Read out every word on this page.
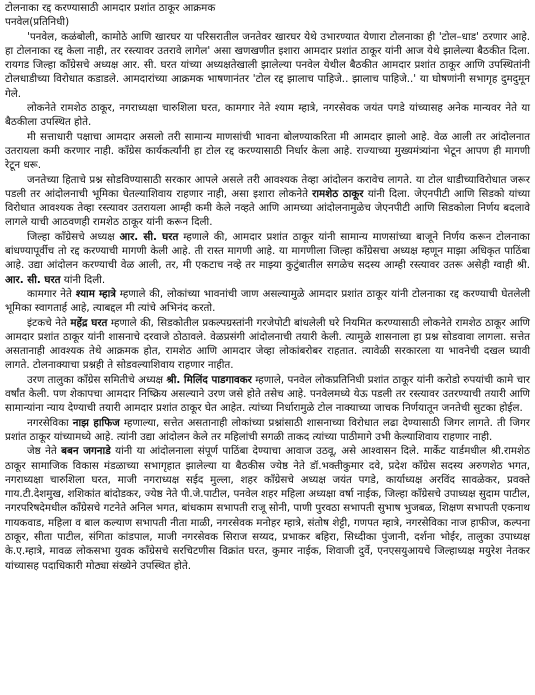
टोलनाका रद्द करण्यासाठी आमदार प्रशांत ठाकूर आक्रमक

पनवेल(प्रतिनिधी)

'पनवेल, कळंबोली, कामोठे आणि खारघर या परिसरातील जनतेवर खारघर येथे उभारण्यात येणारा टोलनाका ही 'टोल–धाड' ठरणार आहे. हा टोलनाका रद्द केला नाही, तर रस्त्यावर उतरावे लागेल' असा खणखणीत इशारा आमदार प्रशांत ठाकूर यांनी आज येथे झालेल्या बैठकीत दिला. रायगड जिल्हा काँग्रेसचे अध्यक्ष आर. सी. घरत यांच्या अध्यक्षतेखाली झालेल्या पनवेल येथील बैठकीत आमदार प्रशांत ठाकूर आणि उपस्थितांनी टोलधाडीच्या विरोधात कडाडले. आमदारांच्या आक्रमक भाषणानंतर 'टोल रद्द झालाच पाहिजे.. झालाच पाहिजे..' या घोषणांनी सभागृह दुमदुमून गेले.

लोकनेते रामशेठ ठाकूर, नगराध्यक्षा चारुशिला घरत, कामगार नेते श्याम म्हात्रे, नगरसेवक जयंत पगडे यांच्यासह अनेक मान्यवर नेते या बैठकीला उपस्थित होते.

मी सत्ताधारी पक्षाचा आमदार असलो तरी सामान्य माणसांची भावना बोलण्याकरिता मी आमदार झालो आहे. वेळ आली तर आंदोलनात उतरायला कमी करणार नाही. काँग्रेस कार्यकर्त्यांनी हा टोल रद्द करण्यासाठी निर्धार केला आहे. राज्याच्या मुख्यमंत्र्यांना भेटून आपण ही मागणी रेटून धरू.

जनतेच्या हिताचे प्रश्न सोडविण्यासाठी सरकार आपले असले तरी आवश्यक तेव्हा आंदोलन करावेच लागते. या टोल धाडीच्याविरोधात जरूर पडली तर आंदोलनाची भूमिका घेतल्याशिवाय राहणार नाही, असा इशारा लोकनेते रामशेठ ठाकूर यांनी दिला. जेएनपीटी आणि सिडको यांच्या विरोधात आवश्यक तेव्हा रस्त्यावर उतरायला आम्ही कमी केले नव्हते आणि आमच्या आंदोलनामुळेच जेएनपीटी आणि सिडकोला निर्णय बदलावे लागले याची आठवणही रामशेठ ठाकूर यांनी करून दिली.

जिल्हा काँग्रेसचे अध्यक्ष आर. सी. घरत म्हणाले की, आमदार प्रशांत ठाकूर यांनी सामान्य माणसांच्या बाजूने निर्णय करून टोलनाका बांधण्यापूर्वीच तो रद्द करण्याची मागणी केली आहे. ती रास्त मागणी आहे. या मागणीला जिल्हा काँग्रेसचा अध्यक्ष म्हणून माझा अधिकृत पाठिंबा आहे. उद्या आंदोलन करण्याची वेळ आली, तर, मी एकटाच नव्हे तर माझ्या कुटुंबातील सगळेच सदस्य आम्ही रस्त्यावर उतरू असेही ग्वाही श्री. आर. सी. घरत यांनी दिली.

कामगार नेते श्याम म्हात्रे म्हणाले की, लोकांच्या भावनांची जाण असल्यामुळे आमदार प्रशांत ठाकूर यांनी टोलनाका रद्द करण्याची घेतलेली भूमिका स्वागतार्ह आहे, त्याबद्दल मी त्यांचे अभिनंद करतो.

इंटकचे नेते महेंद्र घरत म्हणाले की, सिडकोतील प्रकल्पग्रस्तांनी गरजेपोटी बांधलेली घरे नियमित करण्यासाठी लोकनेते रामशेठ ठाकूर आणि आमदार प्रशांत ठाकूर यांनी शासनाचे दरवाजे ठोठावले. वेळप्रसंगी आंदोलनाची तयारी केली. त्यामुळे शासनाला हा प्रश्न सोडवावा लागला. सत्तेत असतानाही आवश्यक तेथे आक्रमक होत, रामशेठ आणि आमदार जेव्हा लोकांबरोबर राहतात. त्यावेळी सरकारला या भावनेची दखल घ्यावी लागते. टोलनाक्याचा प्रश्नही ते सोडवल्याशिवाय राहणार नाहीत.

उरण तालुका काँग्रेस समितीचे अध्यक्ष श्री. मिलिंद पाडगावकर म्हणाले, पनवेल लोकप्रतिनिधी प्रशांत ठाकूर यांनी करोडो रुपयांची कामे चार वर्षांत केली. पण शेकापचा आमदार निष्क्रिय असल्याने उरण जसे होते तसेच आहे. पनवेलमध्ये येऊ पडली तर रस्त्यावर उतरण्याची तयारी आणि सामान्यांना न्याय देण्याची तयारी आमदार प्रशांत ठाकूर घेत आहेत. त्यांच्या निर्धारामुळे टोल नाक्याच्या जाचक निर्णयातून जनतेची सुटका होईल.

नगरसेविका नाझ हाफिज म्हणाल्या, सत्तेत असतानाही लोकांच्या प्रश्नांसाठी शासनाच्या विरोधात लढा देण्यासाठी जिगर लागते. ती जिगर प्रशांत ठाकूर यांच्यामध्ये आहे. त्यांनी उद्या आंदोलन केले तर महिलांची सगळी ताकद त्यांच्या पाठीमागे उभी केल्याशिवाय राहणार नाही.

जेष्ठ नेते बबन जगनाडे यांनी या आंदोलनाला संपूर्ण पाठिंबा देण्याचा आवाज उठवू, असे आश्वासन दिले. मार्केट यार्डमधील श्री.रामशेठ ठाकूर सामाजिक विकास मंडळाच्या सभागृहात झालेल्या या बैठकीस ज्येष्ठ नेते डॉ.भक्तीकुमार दवे, प्रदेश काँग्रेस सदस्य अरुणशेठ भगत, नगराध्यक्षा चारुशिला घरत, माजी नगराध्यक्ष सईद मुल्ला, शहर काँग्रेसचे अध्यक्ष जयंत पगडे, कार्याध्यक्ष अरविंद सावळेकर, प्रवक्ते गाय.टी.देशमुख, शशिकांत बांदोडकर, ज्येष्ठ नेते पी.जे.पाटील, पनवेल शहर महिला अध्यक्षा वर्षा नाईक, जिल्हा काँग्रेसचे उपाध्यक्ष सुदाम पाटील, नगरपरिषदेमधील काँग्रेसचे गटनेते अनिल भगत, बांधकाम सभापती राजू सोनी, पाणी पुरवठा सभापती सुभाष भुजबळ, शिक्षण सभापती एकनाथ गायकवाड, महिला व बाल कल्याण सभापती नीता माळी, नगरसेवक मनोहर म्हात्रे, संतोष शेट्टी, गणपत म्हात्रे, नगरसेविका नाज हाफीज, कल्पना ठाकूर, सीता पाटील, संगिता कांडपाल, माजी नगरसेवक सिराज सय्यद, प्रभाकर बहिरा, सिध्दीका पुंजानी, दर्शना भोईर, तालुका उपाध्यक्ष के.ए.म्हात्रे, मावळ लोकसभा युवक काँग्रेसचे सरचिटणीस विक्रांत घरत, कुमार नाईक, शिवाजी दुर्वे, एनएसयुआयचे जिल्हाध्यक्ष मयुरेश नेतकर यांच्यासह पदाधिकारी मोठ्या संख्येने उपस्थित होते.
